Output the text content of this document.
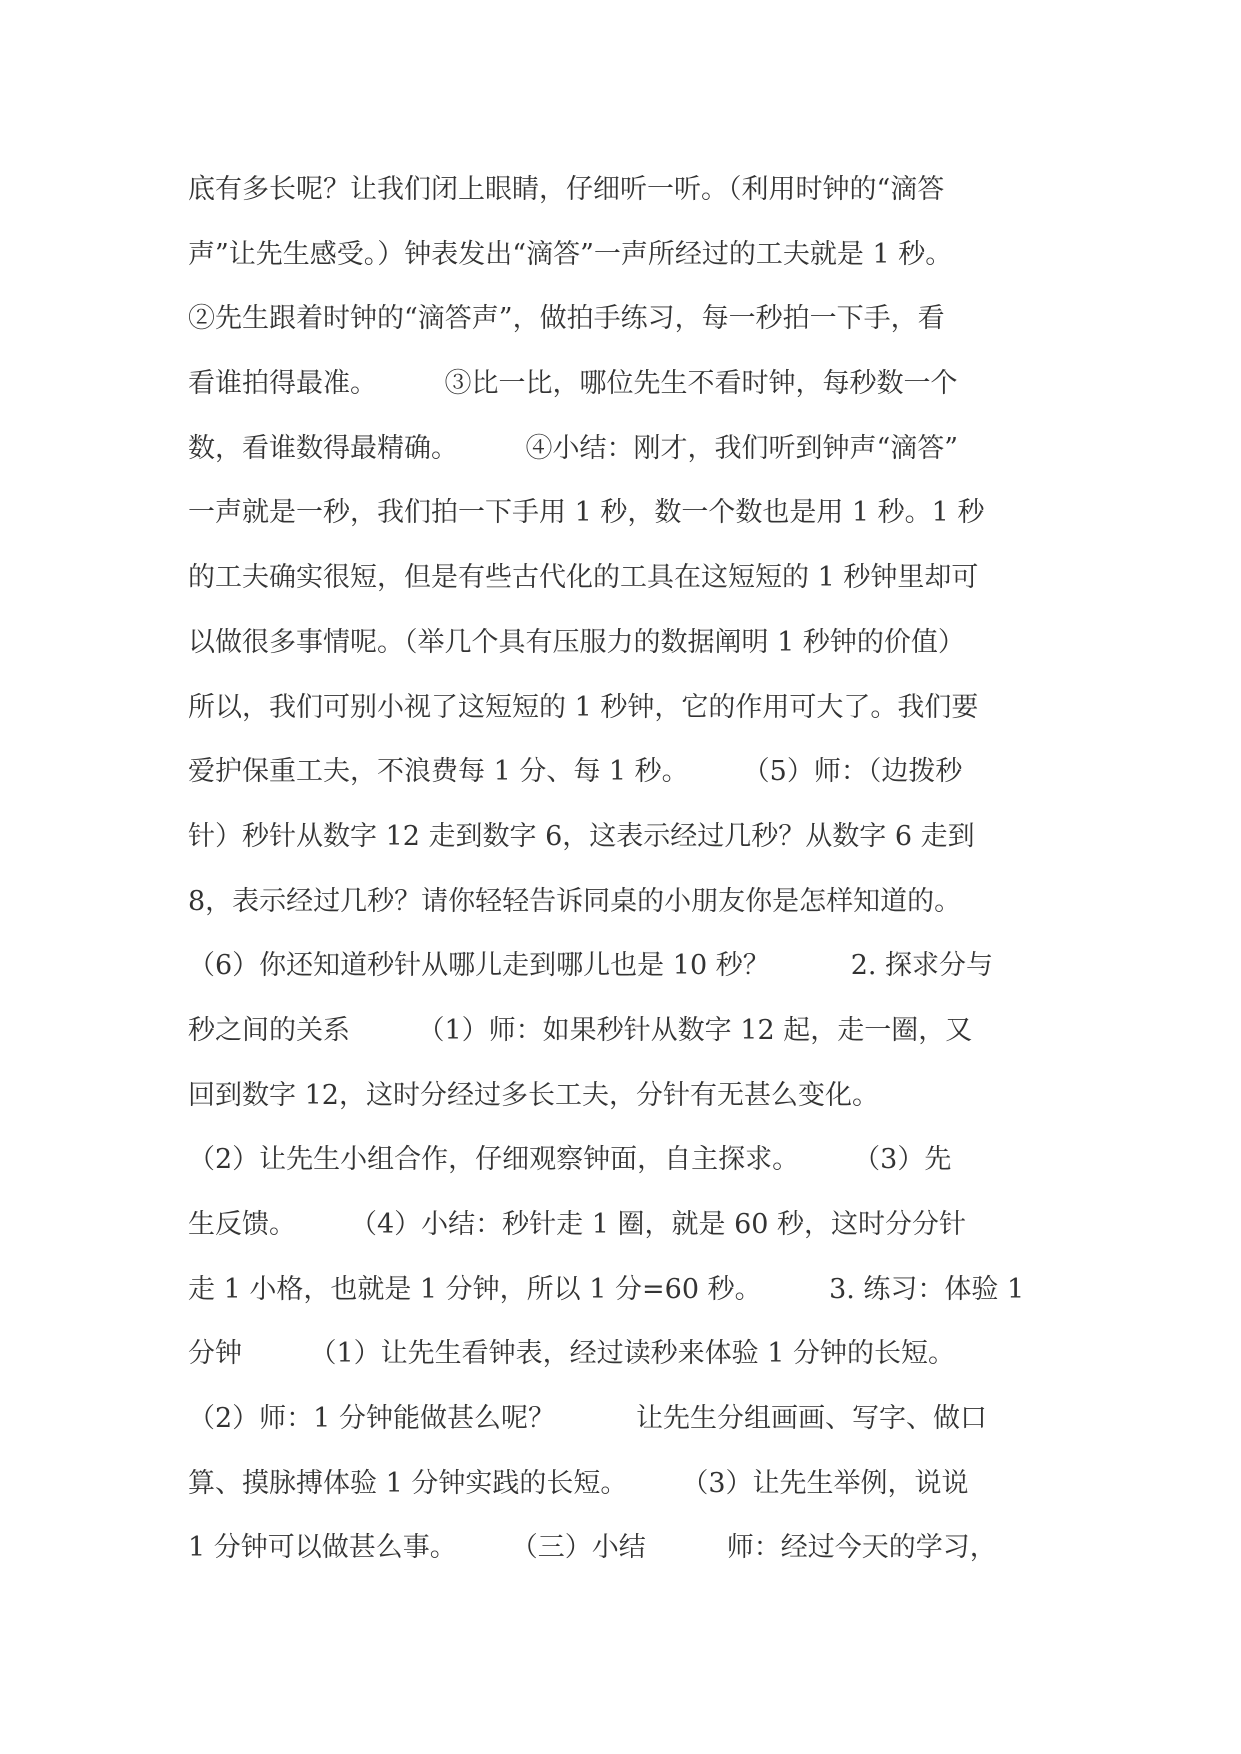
底有多长呢？让我们闭上眼睛，仔细听一听。（利用时钟的“滴答
声”让先生感受。）钟表发出“滴答”一声所经过的工夫就是 1 秒。
②先生跟着时钟的“滴答声”，做拍手练习，每一秒拍一下手，看
看谁拍得最准。　　　③比一比，哪位先生不看时钟，每秒数一个
数，看谁数得最精确。　　　④小结：刚才，我们听到钟声“滴答”
一声就是一秒，我们拍一下手用 1 秒，数一个数也是用 1 秒。1 秒
的工夫确实很短，但是有些古代化的工具在这短短的 1 秒钟里却可
以做很多事情呢。（举几个具有压服力的数据阐明 1 秒钟的价值）
所以，我们可别小视了这短短的 1 秒钟，它的作用可大了。我们要
爱护保重工夫，不浪费每 1 分、每 1 秒。　　　（5）师：（边拨秒
针）秒针从数字 12 走到数字 6，这表示经过几秒？从数字 6 走到
8，表示经过几秒？请你轻轻告诉同桌的小朋友你是怎样知道的。
（6）你还知道秒针从哪儿走到哪儿也是 10 秒？　　　2. 探求分与
秒之间的关系　　　（1）师：如果秒针从数字 12 起，走一圈，又
回到数字 12，这时分经过多长工夫，分针有无甚么变化。
（2）让先生小组合作，仔细观察钟面，自主探求。　　　（3）先
生反馈。　　　（4）小结：秒针走 1 圈，就是 60 秒，这时分分针
走 1 小格，也就是 1 分钟，所以 1 分=60 秒。　　　3. 练习：体验 1
分钟　　　（1）让先生看钟表，经过读秒来体验 1 分钟的长短。
（2）师：1 分钟能做甚么呢？　　　让先生分组画画、写字、做口
算、摸脉搏体验 1 分钟实践的长短。　　　（3）让先生举例，说说
1 分钟可以做甚么事。　　　（三）小结　　　师：经过今天的学习，
